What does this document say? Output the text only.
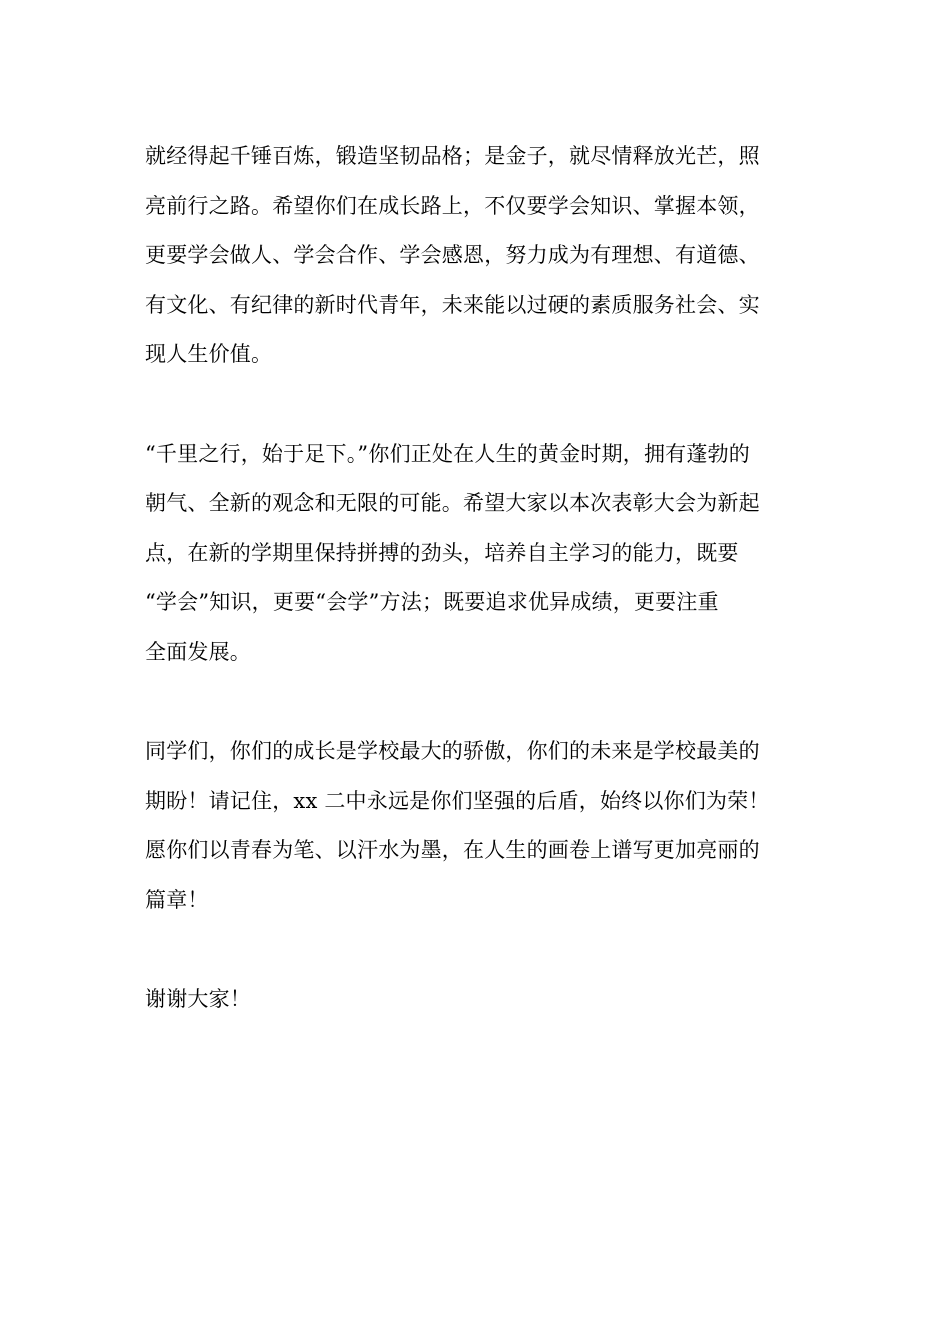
就经得起千锤百炼，锻造坚韧品格；是金子，就尽情释放光芒，照
亮前行之路。希望你们在成长路上，不仅要学会知识、掌握本领，
更要学会做人、学会合作、学会感恩，努力成为有理想、有道德、
有文化、有纪律的新时代青年，未来能以过硬的素质服务社会、实
现人生价值。

“千里之行，始于足下。”你们正处在人生的黄金时期，拥有蓬勃的
朝气、全新的观念和无限的可能。希望大家以本次表彰大会为新起
点，在新的学期里保持拼搏的劲头，培养自主学习的能力，既要
“学会”知识，更要“会学”方法；既要追求优异成绩，更要注重
全面发展。

同学们，你们的成长是学校最大的骄傲，你们的未来是学校最美的
期盼！请记住，xx 二中永远是你们坚强的后盾，始终以你们为荣！
愿你们以青春为笔、以汗水为墨，在人生的画卷上谱写更加亮丽的
篇章！

谢谢大家！
